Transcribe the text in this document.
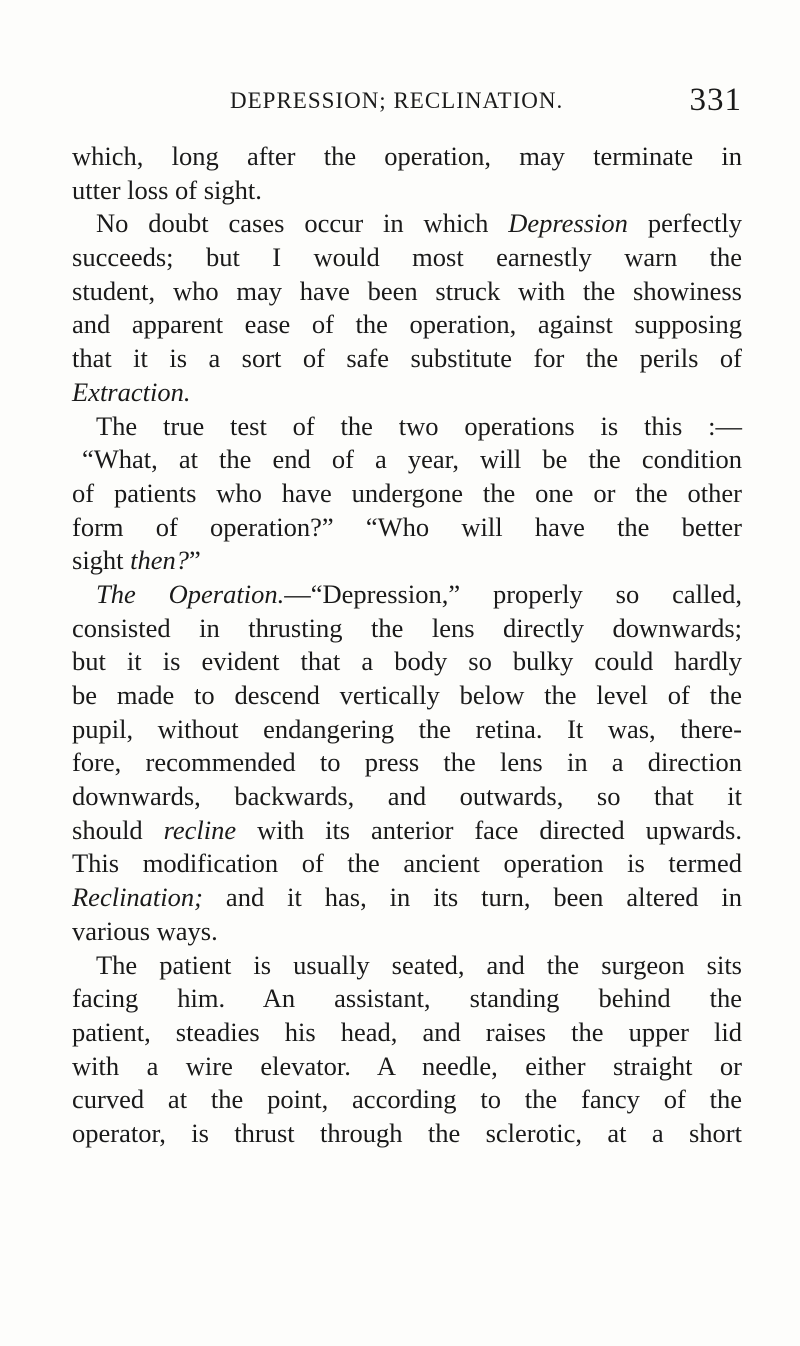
DEPRESSION; RECLINATION.	331
which, long after the operation, may terminate in
utter loss of sight.
No doubt cases occur in which Depression perfectly
succeeds; but I would most earnestly warn the
student, who may have been struck with the showiness
and apparent ease of the operation, against supposing
that it is a sort of safe substitute for the perils of
Extraction.
The true test of the two operations is this :—
“What, at the end of a year, will be the condition
of patients who have undergone the one or the other
form of operation?” “Who will have the better
sight then?”
The Operation.—“Depression,” properly so called,
consisted in thrusting the lens directly downwards;
but it is evident that a body so bulky could hardly
be made to descend vertically below the level of the
pupil, without endangering the retina. It was, there-
fore, recommended to press the lens in a direction
downwards, backwards, and outwards, so that it
should recline with its anterior face directed upwards.
This modification of the ancient operation is termed
Reclination; and it has, in its turn, been altered in
various ways.
The patient is usually seated, and the surgeon sits
facing him. An assistant, standing behind the
patient, steadies his head, and raises the upper lid
with a wire elevator. A needle, either straight or
curved at the point, according to the fancy of the
operator, is thrust through the sclerotic, at a short
